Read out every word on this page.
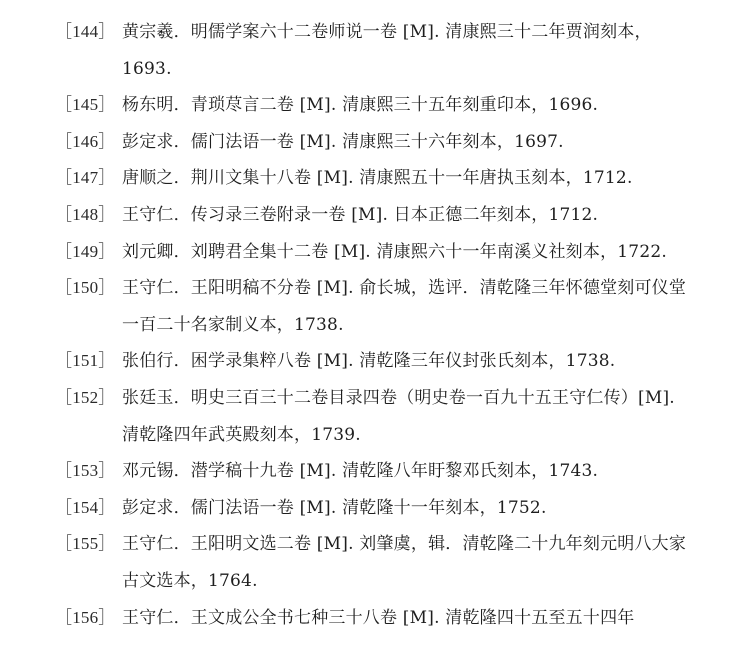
［144］ 黄宗羲．明儒学案六十二卷师说一卷 [M]. 清康熙三十二年贾润刻本，1693.
［145］ 杨东明．青琐荩言二卷 [M]. 清康熙三十五年刻重印本，1696.
［146］ 彭定求．儒门法语一卷 [M]. 清康熙三十六年刻本，1697.
［147］ 唐顺之．荆川文集十八卷 [M]. 清康熙五十一年唐执玉刻本，1712.
［148］ 王守仁．传习录三卷附录一卷 [M]. 日本正德二年刻本，1712.
［149］ 刘元卿．刘聘君全集十二卷 [M]. 清康熙六十一年南溪义社刻本，1722.
［150］ 王守仁．王阳明稿不分卷 [M]. 俞长城，选评．清乾隆三年怀德堂刻可仪堂一百二十名家制义本，1738.
［151］ 张伯行．困学录集粹八卷 [M]. 清乾隆三年仪封张氏刻本，1738.
［152］ 张廷玉．明史三百三十二卷目录四卷（明史卷一百九十五王守仁传）[M]. 清乾隆四年武英殿刻本，1739.
［153］ 邓元锡．潜学稿十九卷 [M]. 清乾隆八年盱黎邓氏刻本，1743.
［154］ 彭定求．儒门法语一卷 [M]. 清乾隆十一年刻本，1752.
［155］ 王守仁．王阳明文选二卷 [M]. 刘肇虞，辑．清乾隆二十九年刻元明八大家古文选本，1764.
［156］ 王守仁．王文成公全书七种三十八卷 [M]. 清乾隆四十五至五十四年
